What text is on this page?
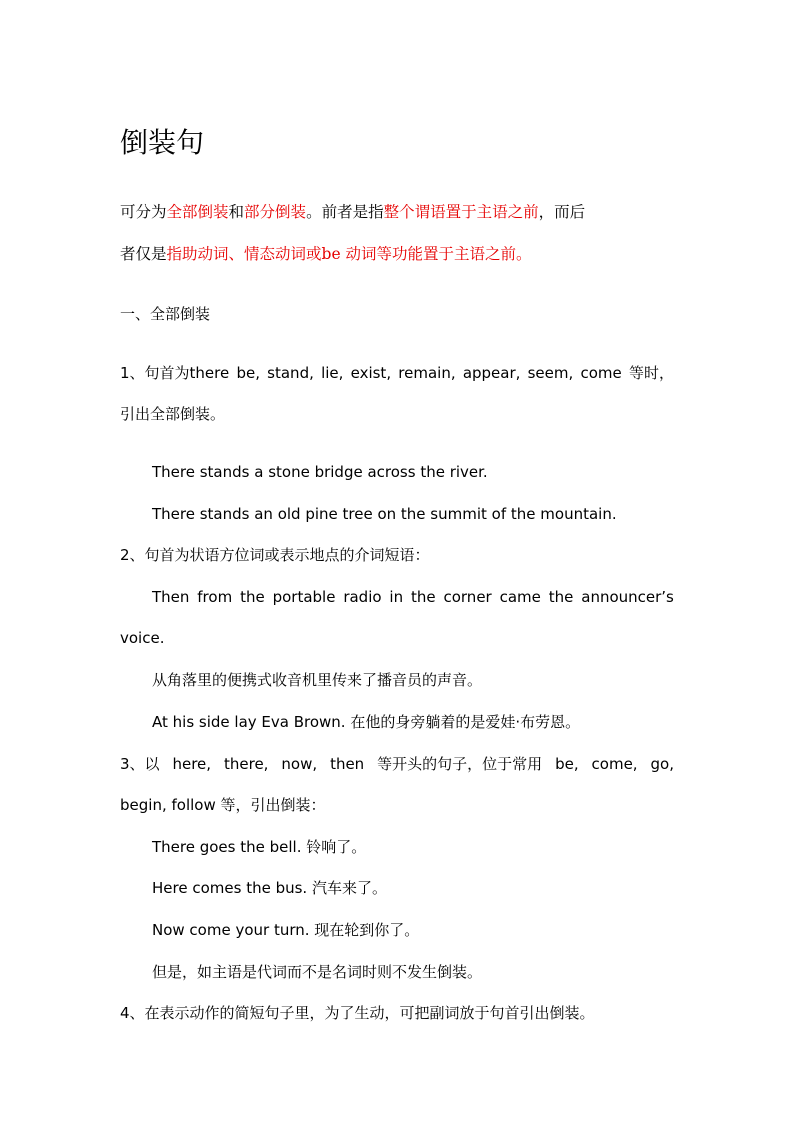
倒装句
可分为全部倒装和部分倒装。前者是指整个谓语置于主语之前，而后
者仅是指助动词、情态动词或be 动词等功能置于主语之前。
一、全部倒装
1、句首为there be, stand, lie, exist, remain, appear, seem, come 等时，
引出全部倒装。
There stands a stone bridge across the river.
There stands an old pine tree on the summit of the mountain.
2、句首为状语方位词或表示地点的介词短语：
Then from the portable radio in the corner came the announcer’s
voice.
从角落里的便携式收音机里传来了播音员的声音。
At his side lay Eva Brown. 在他的身旁躺着的是爱娃·布劳恩。
3、以 here, there, now, then 等开头的句子，位于常用 be, come, go,
begin, follow 等，引出倒装：
There goes the bell. 铃响了。
Here comes the bus. 汽车来了。
Now come your turn. 现在轮到你了。
但是，如主语是代词而不是名词时则不发生倒装。
4、在表示动作的简短句子里，为了生动，可把副词放于句首引出倒装。
